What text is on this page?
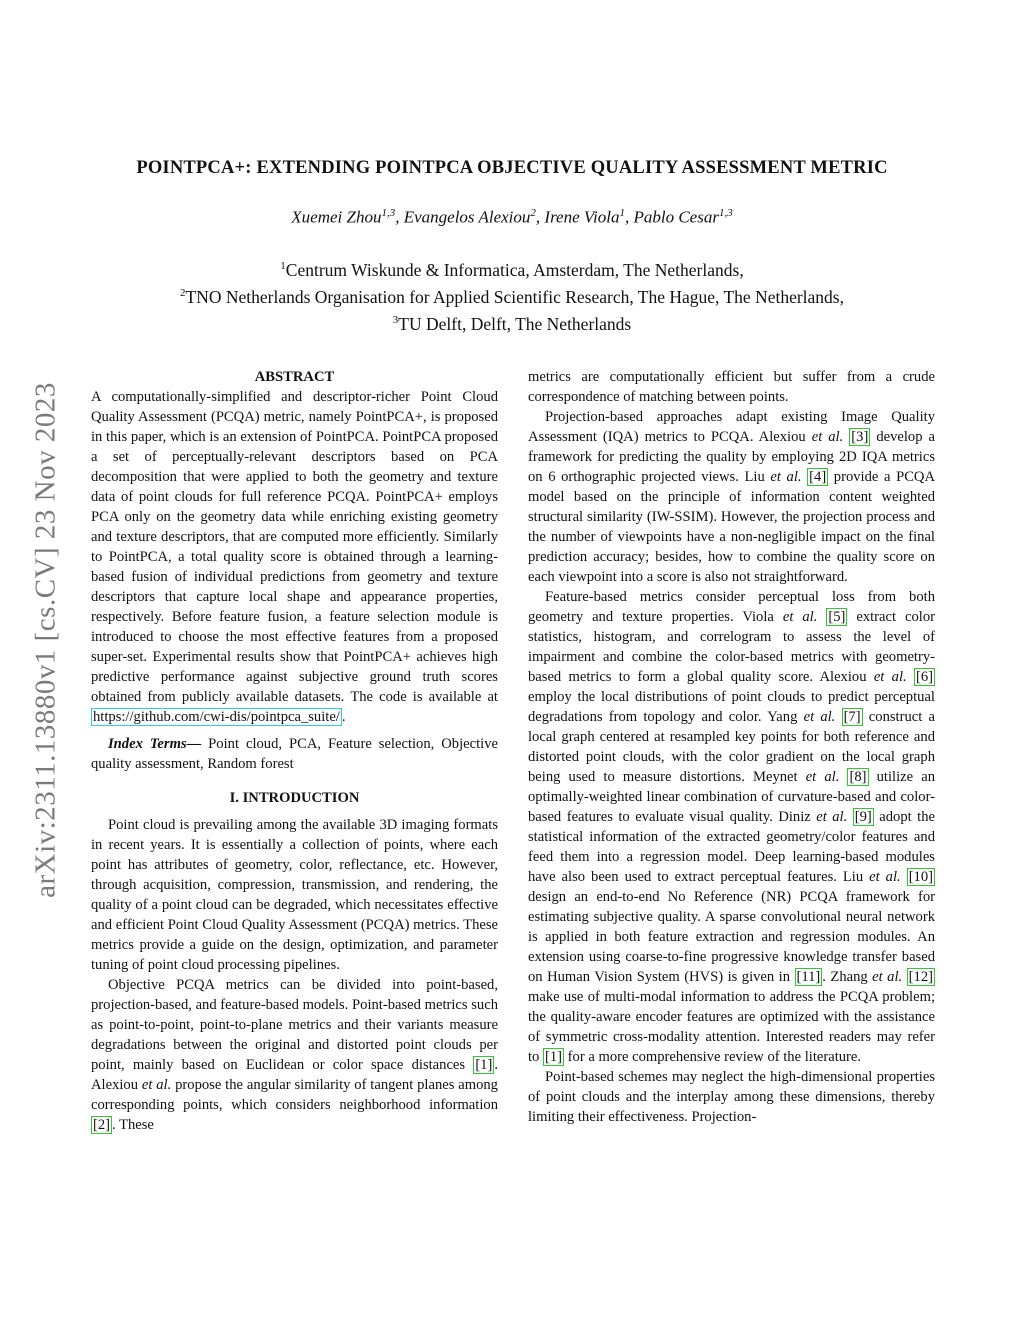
arXiv:2311.13880v1 [cs.CV] 23 Nov 2023
POINTPCA+: EXTENDING POINTPCA OBJECTIVE QUALITY ASSESSMENT METRIC
Xuemei Zhou$^{1,3}$, Evangelos Alexiou$^2$, Irene Viola$^1$, Pablo Cesar$^{1,3}$
$^1$Centrum Wiskunde & Informatica, Amsterdam, The Netherlands,
$^2$TNO Netherlands Organisation for Applied Scientific Research, The Hague, The Netherlands,
$^3$TU Delft, Delft, The Netherlands
ABSTRACT

A computationally-simplified and descriptor-richer Point Cloud Quality Assessment (PCQA) metric, namely PointPCA+, is proposed in this paper, which is an extension of PointPCA. PointPCA proposed a set of perceptually-relevant descriptors based on PCA decomposition that were applied to both the geometry and texture data of point clouds for full reference PCQA. PointPCA+ employs PCA only on the geometry data while enriching existing geometry and texture descriptors, that are computed more efficiently. Similarly to PointPCA, a total quality score is obtained through a learning-based fusion of individual predictions from geometry and texture descriptors that capture local shape and appearance properties, respectively. Before feature fusion, a feature selection module is introduced to choose the most effective features from a proposed super-set. Experimental results show that PointPCA+ achieves high predictive performance against subjective ground truth scores obtained from publicly available datasets. The code is available at https://github.com/cwi-dis/pointpca_suite/ .

Index Terms— Point cloud, PCA, Feature selection, Objective quality assessment, Random forest

I. INTRODUCTION

Point cloud is prevailing among the available 3D imaging formats in recent years. It is essentially a collection of points, where each point has attributes of geometry, color, reflectance, etc. However, through acquisition, compression, transmission, and rendering, the quality of a point cloud can be degraded, which necessitates effective and efficient Point Cloud Quality Assessment (PCQA) metrics. These metrics provide a guide on the design, optimization, and parameter tuning of point cloud processing pipelines.

Objective PCQA metrics can be divided into point-based, projection-based, and feature-based models. Point-based metrics such as point-to-point, point-to-plane metrics and their variants measure degradations between the original and distorted point clouds per point, mainly based on Euclidean or color space distances [1] . Alexiou et al. propose the angular similarity of tangent planes among corresponding points, which considers neighborhood information [2] . These

metrics are computationally efficient but suffer from a crude correspondence of matching between points.

Projection-based approaches adapt existing Image Quality Assessment (IQA) metrics to PCQA. Alexiou et al. [3] develop a framework for predicting the quality by employing 2D IQA metrics on 6 orthographic projected views. Liu et al. [4] provide a PCQA model based on the principle of information content weighted structural similarity (IW-SSIM). However, the projection process and the number of viewpoints have a non-negligible impact on the final prediction accuracy; besides, how to combine the quality score on each viewpoint into a score is also not straightforward.

Feature-based metrics consider perceptual loss from both geometry and texture properties. Viola et al. [5] extract color statistics, histogram, and correlogram to assess the level of impairment and combine the color-based metrics with geometry-based metrics to form a global quality score. Alexiou et al. [6] employ the local distributions of point clouds to predict perceptual degradations from topology and color. Yang et al. [7] construct a local graph centered at resampled key points for both reference and distorted point clouds, with the color gradient on the local graph being used to measure distortions. Meynet et al. [8] utilize an optimally-weighted linear combination of curvature-based and color-based features to evaluate visual quality. Diniz et al. [9] adopt the statistical information of the extracted geometry/color features and feed them into a regression model. Deep learning-based modules have also been used to extract perceptual features. Liu et al. [10] design an end-to-end No Reference (NR) PCQA framework for estimating subjective quality. A sparse convolutional neural network is applied in both feature extraction and regression modules. An extension using coarse-to-fine progressive knowledge transfer based on Human Vision System (HVS) is given in [11] . Zhang et al. [12] make use of multi-modal information to address the PCQA problem; the quality-aware encoder features are optimized with the assistance of symmetric cross-modality attention. Interested readers may refer to [1] for a more comprehensive review of the literature.

Point-based schemes may neglect the high-dimensional properties of point clouds and the interplay among these dimensions, thereby limiting their effectiveness. Projection-
